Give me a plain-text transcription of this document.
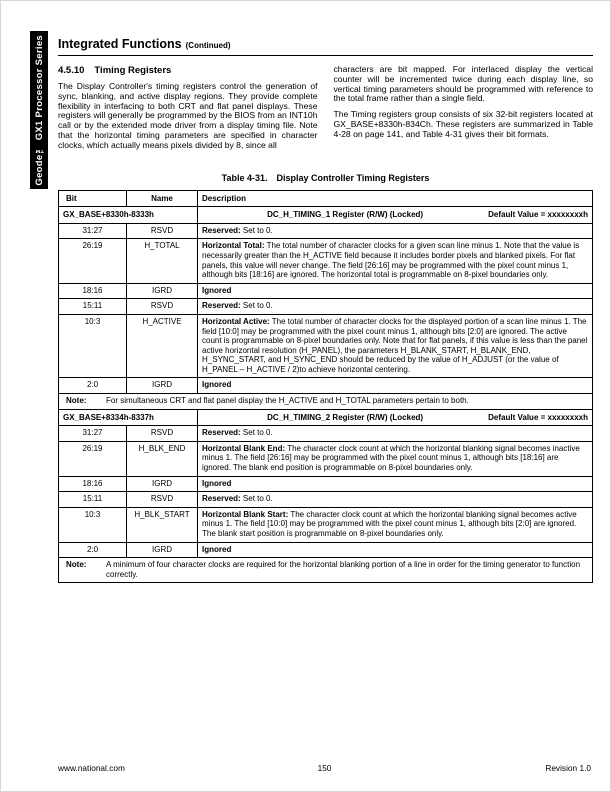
Geode™ GX1 Processor Series Integrated Functions (Continued)
4.5.10 Timing Registers

The Display Controller's timing registers control the generation of sync, blanking, and active display regions. They provide complete flexibility in interfacing to both CRT and flat panel displays. These registers will generally be programmed by the BIOS from an INT10h call or by the extended mode driver from a display timing file. Note that the horizontal timing parameters are specified in character clocks, which actually means pixels divided by 8, since all

characters are bit mapped. For interlaced display the vertical counter will be incremented twice during each display line, so vertical timing parameters should be programmed with reference to the total frame rather than a single field.

The Timing registers group consists of six 32-bit registers located at GX_BASE+8330h-834Ch. These registers are summarized in Table 4-28 on page 141, and Table 4-31 gives their bit formats.

Table 4-31. Display Controller Timing Registers
Bit	Name	Description
GX_BASE+8330h-8333h		DC_H_TIMING_1 Register (R/W) (Locked) Default Value = xxxxxxxxh

31:27	RSVD	Reserved: Set to 0.
26:19	H_TOTAL	Horizontal Total: The total number of character clocks for a given scan line minus 1. Note that the value is necessarily greater than the H_ACTIVE field because it includes border pixels and blanked pixels. For flat panels, this value will never change. The field [26:16] may be programmed with the pixel count minus 1, although bits [18:16] are ignored. The horizontal total is programmable on 8-pixel boundaries only.
18:16	IGRD	Ignored
15:11	RSVD	Reserved: Set to 0.
10:3	H_ACTIVE	Horizontal Active: The total number of character clocks for the displayed portion of a scan line minus 1. The field [10:0] may be programmed with the pixel count minus 1, although bits [2:0] are ignored. The active count is programmable on 8-pixel boundaries only. Note that for flat panels, if this value is less than the panel active horizontal resolution (H_PANEL), the parameters H_BLANK_START, H_BLANK_END, H_SYNC_START, and H_SYNC_END should be reduced by the value of H_ADJUST (or the value of H_PANEL – H_ACTIVE / 2)to achieve horizontal centering.
2:0	IGRD	Ignored

Note: For simultaneous CRT and flat panel display the H_ACTIVE and H_TOTAL parameters pertain to both.		

GX_BASE+8334h-8337h		DC_H_TIMING_2 Register (R/W) (Locked) Default Value = xxxxxxxxh

31:27	RSVD	Reserved: Set to 0.
26:19	H_BLK_END	Horizontal Blank End: The character clock count at which the horizontal blanking signal becomes inactive minus 1. The field [26:16] may be programmed with the pixel count minus 1, although bits [18:16] are ignored. The blank end position is programmable on 8-pixel boundaries only.
18:16	IGRD	Ignored
15:11	RSVD	Reserved: Set to 0.
10:3	H_BLK_START	Horizontal Blank Start: The character clock count at which the horizontal blanking signal becomes active minus 1. The field [10:0] may be programmed with the pixel count minus 1, although bits [2:0] are ignored. The blank start position is programmable on 8-pixel boundaries only.
2:0	IGRD	Ignored

Note: A minimum of four character clocks are required for the horizontal blanking portion of a line in order for the timing generator to function correctly.		
www.national.com	150	Revision 1.0
